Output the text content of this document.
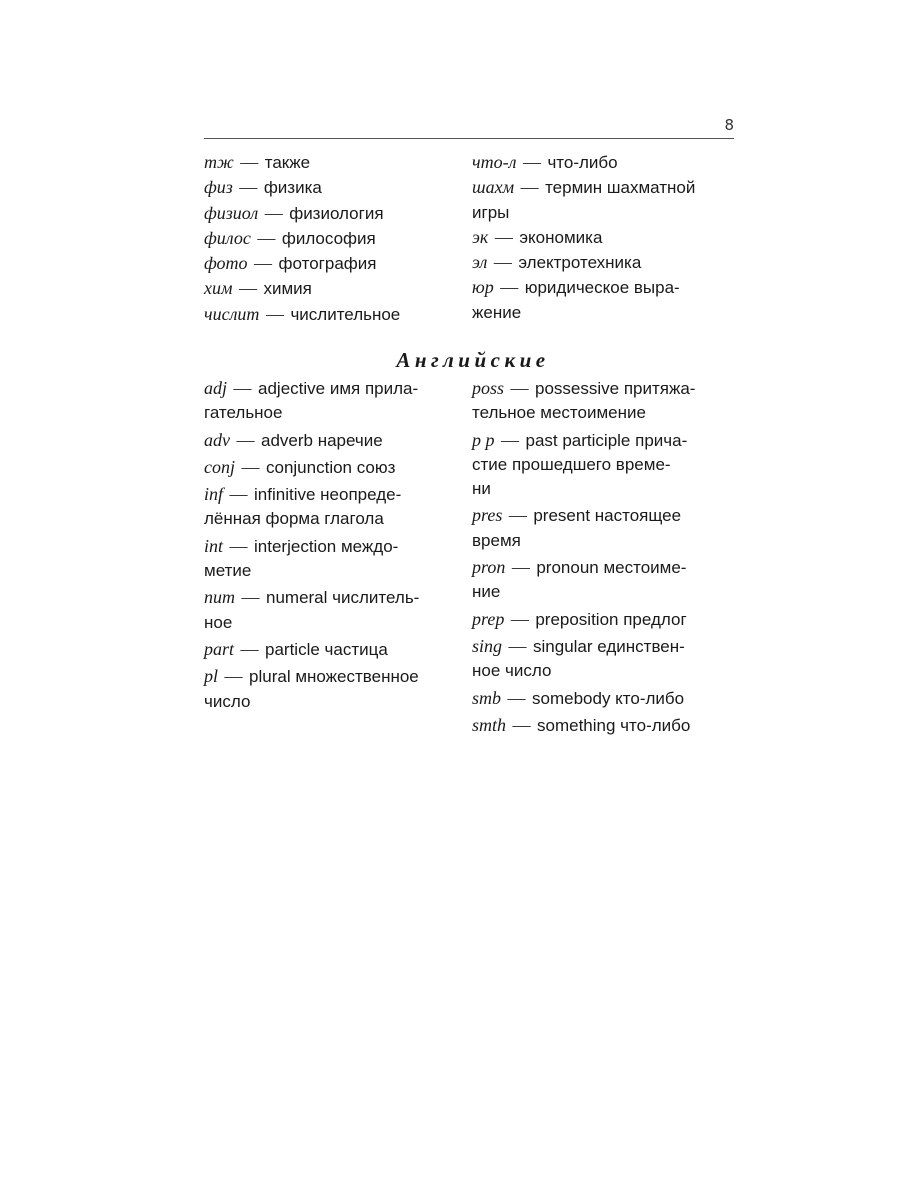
8

тж — также

физ — физика

физиол — физиология

филос — философия

фото — фотография

хим — химия

числит — числительное

что-л — что-либо

шахм — термин шахматной
игры

эк — экономика

эл — электротехника

юр — юридическое выра-
жение

Английские

adj — adjective имя прила-
гательное

adv — adverb наречие

conj — conjunction союз

inf — infinitive неопреде-
лённая форма глагола

int — interjection междо-
метие

num — numeral числитель-
ное

part — particle частица

pl — plural множественное
число

poss — possessive притяжа-
тельное местоимение

p p — past participle прича-
стие прошедшего време-
ни

pres — present настоящее
время

pron — pronoun местоиме-
ние

prep — preposition предлог

sing — singular единствен-
ное число

smb — somebody кто-либо

smth — something что-либо
